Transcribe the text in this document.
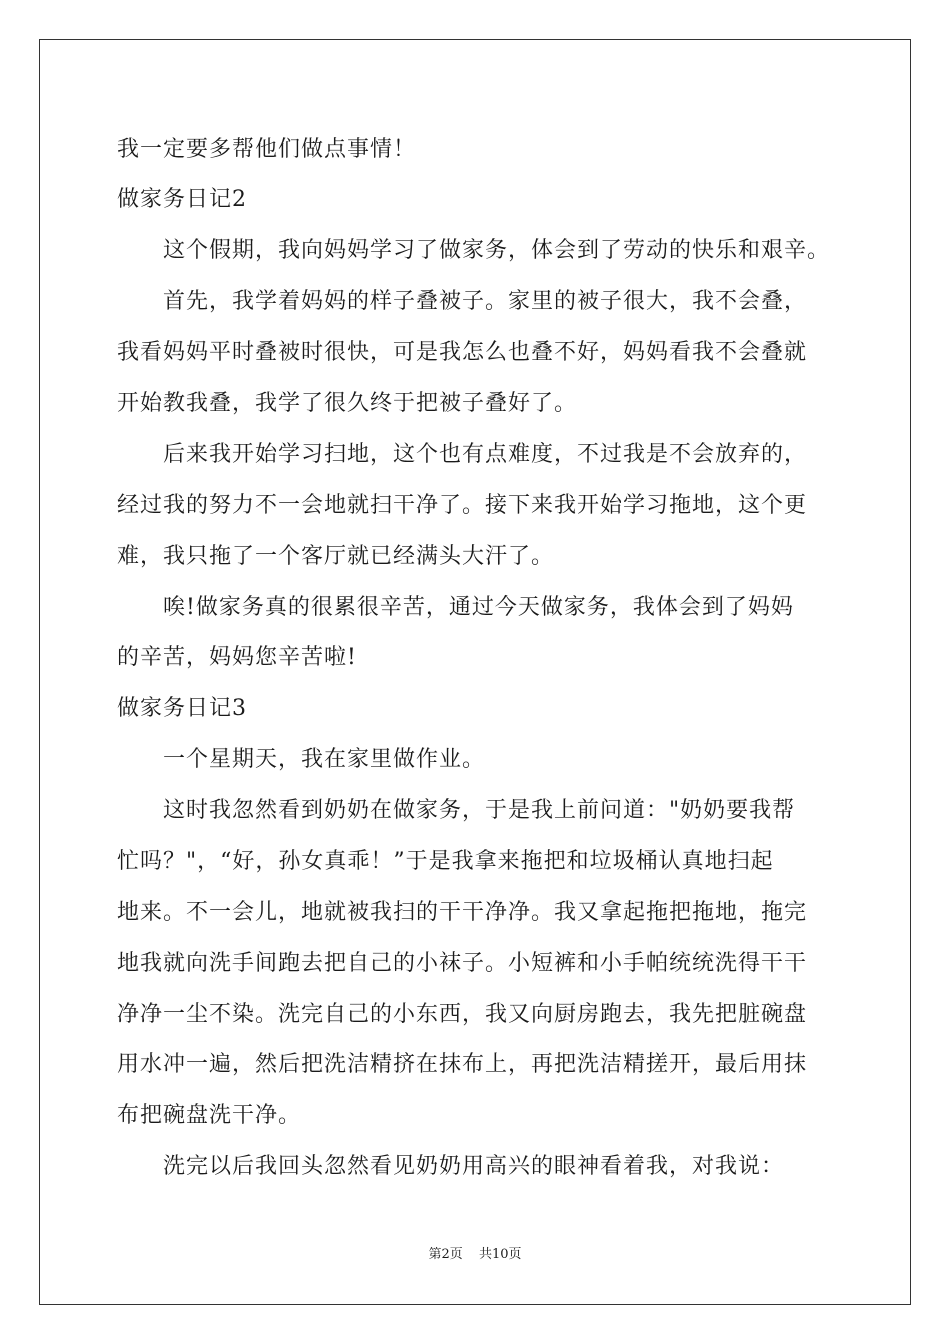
我一定要多帮他们做点事情！
做家务日记2
这个假期，我向妈妈学习了做家务，体会到了劳动的快乐和艰辛。
首先，我学着妈妈的样子叠被子。家里的被子很大，我不会叠，
我看妈妈平时叠被时很快，可是我怎么也叠不好，妈妈看我不会叠就
开始教我叠，我学了很久终于把被子叠好了。
后来我开始学习扫地，这个也有点难度，不过我是不会放弃的，
经过我的努力不一会地就扫干净了。接下来我开始学习拖地，这个更
难，我只拖了一个客厅就已经满头大汗了。
唉!做家务真的很累很辛苦，通过今天做家务，我体会到了妈妈
的辛苦，妈妈您辛苦啦!
做家务日记3
一个星期天，我在家里做作业。
这时我忽然看到奶奶在做家务，于是我上前问道："奶奶要我帮
忙吗？"，“好，孙女真乖！”于是我拿来拖把和垃圾桶认真地扫起
地来。不一会儿，地就被我扫的干干净净。我又拿起拖把拖地，拖完
地我就向洗手间跑去把自己的小袜子。小短裤和小手帕统统洗得干干
净净一尘不染。洗完自己的小东西，我又向厨房跑去，我先把脏碗盘
用水冲一遍，然后把洗洁精挤在抹布上，再把洗洁精搓开，最后用抹
布把碗盘洗干净。
洗完以后我回头忽然看见奶奶用高兴的眼神看着我，对我说：
第2页 共10页
